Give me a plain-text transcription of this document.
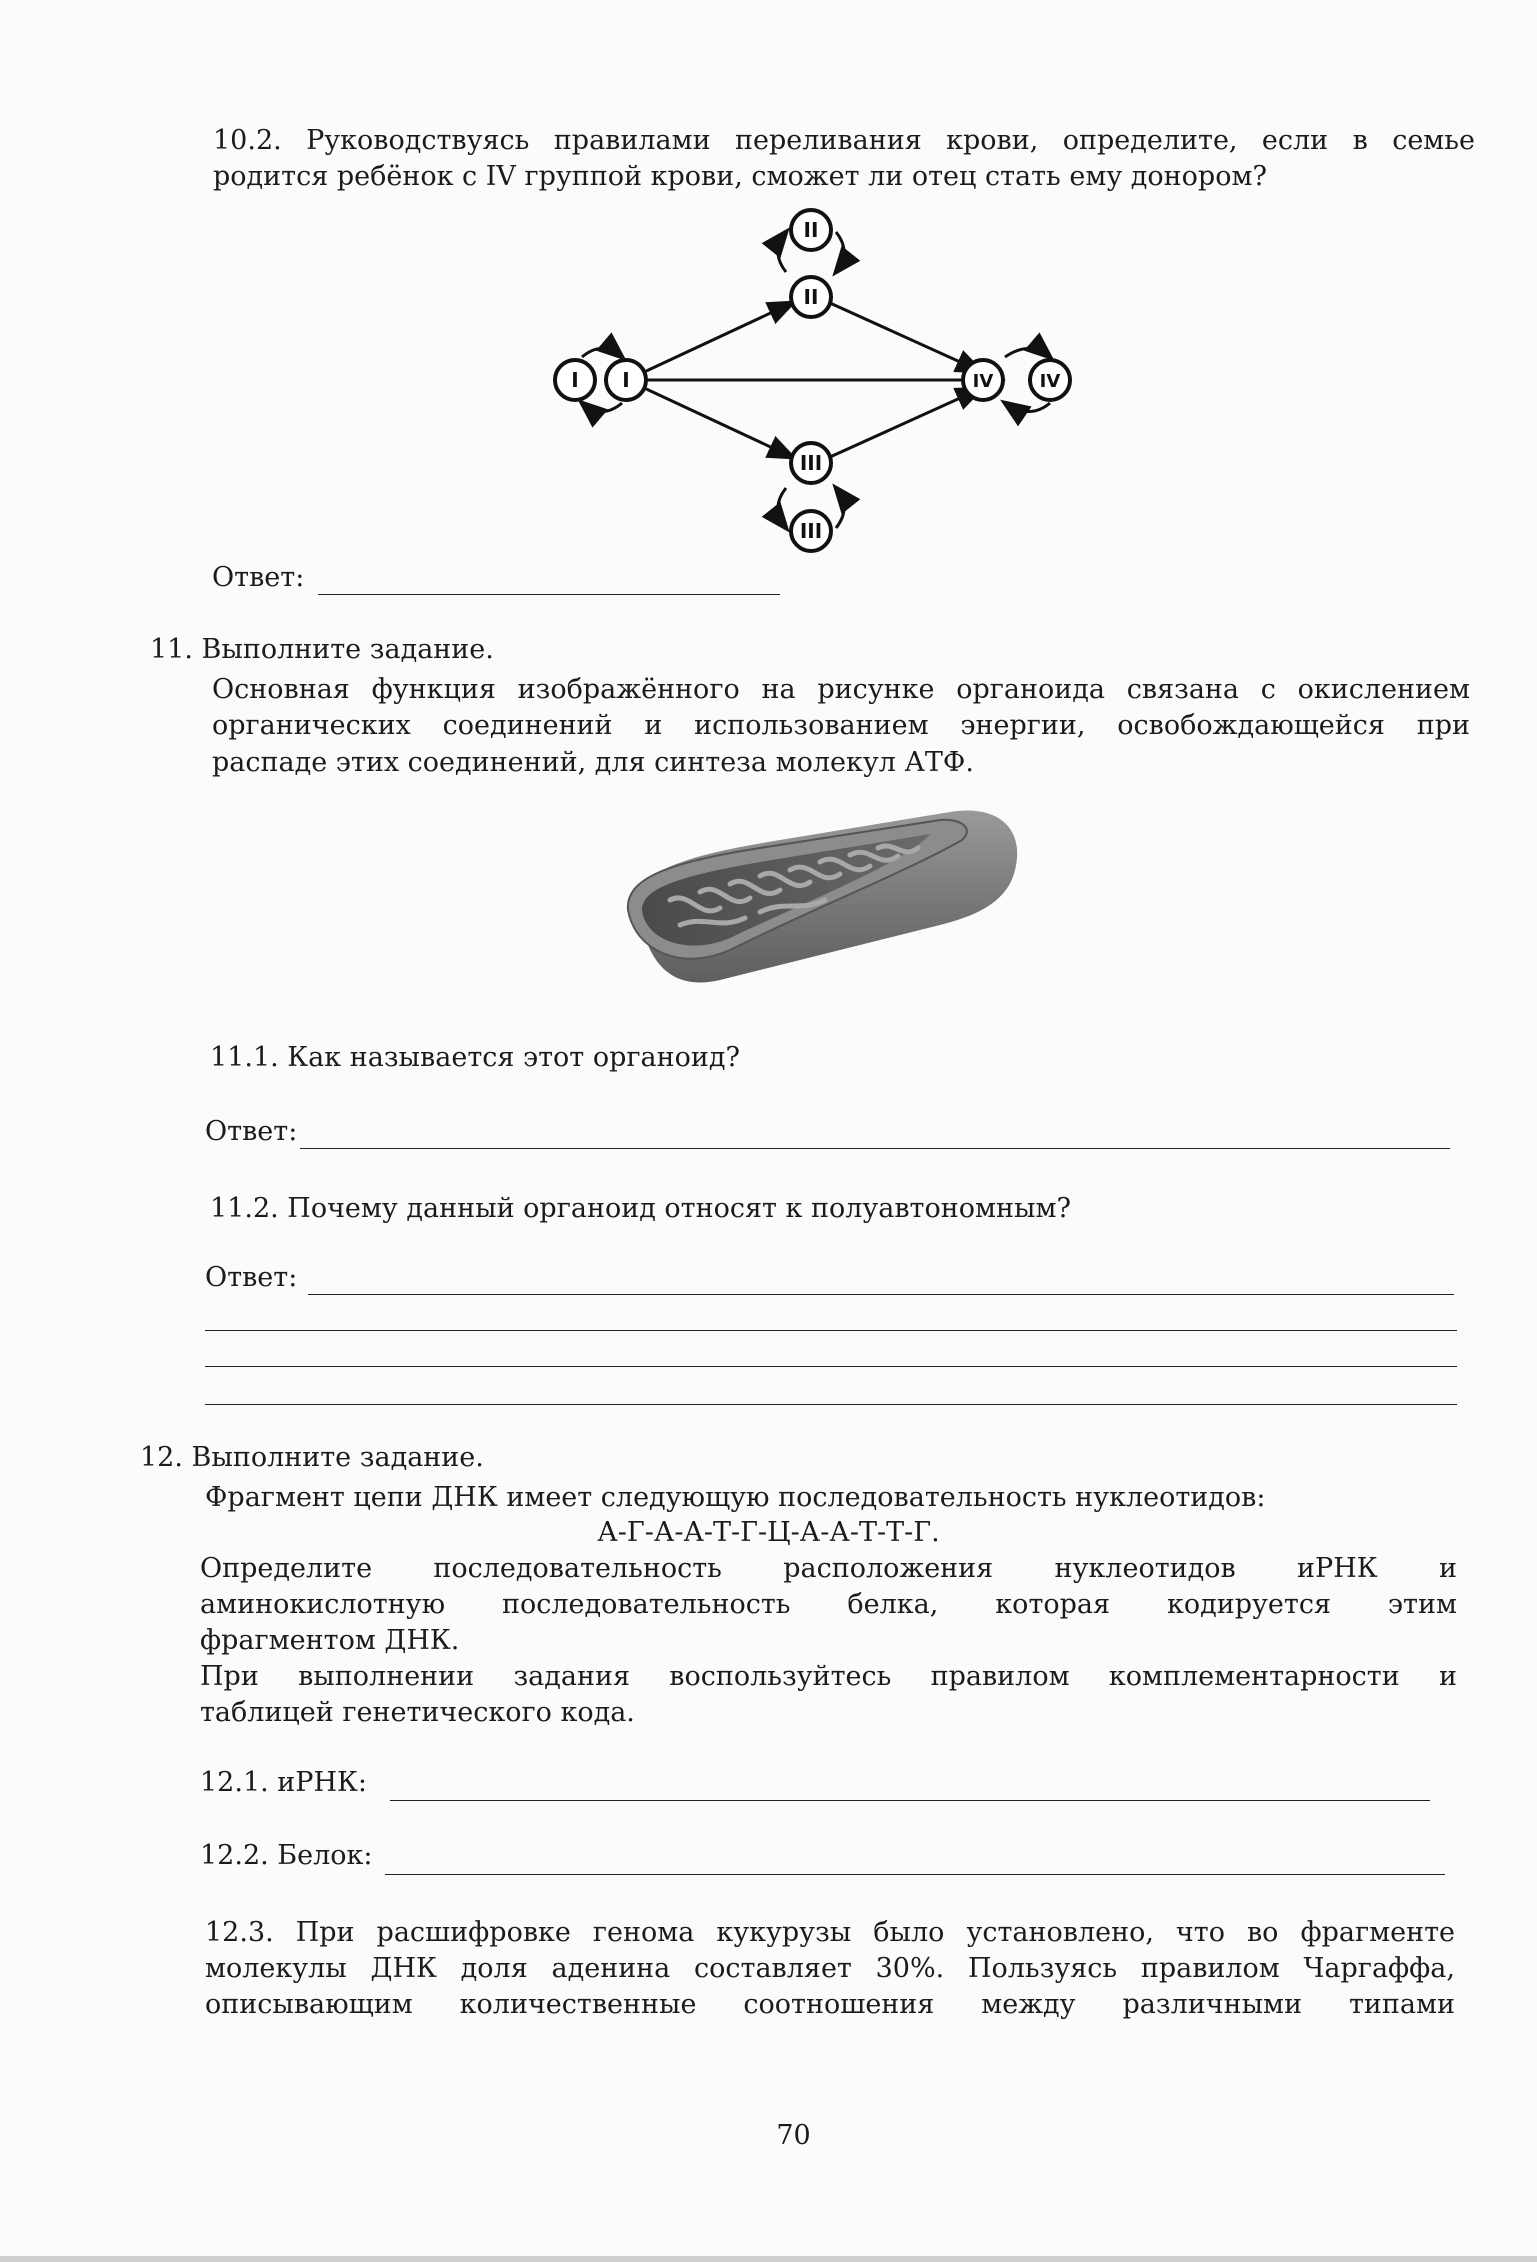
10.2. Руководствуясь правилами переливания крови, определите, если в семье
родится ребёнок с IV группой крови, сможет ли отец стать ему донором?
I I
II
II
III
III
IV	IV
Ответ:
11. Выполните задание.
Основная функция изображённого на рисунке органоида связана с окислением
органических соединений и использованием энергии, освобождающейся при
распаде этих соединений, для синтеза молекул АТФ.
11.1. Как называется этот органоид?
Ответ:
11.2. Почему данный органоид относят к полуавтономным?
Ответ:
12. Выполните задание.
Фрагмент цепи ДНК имеет следующую последовательность нуклеотидов:
А-Г-А-А-Т-Г-Ц-А-А-Т-Т-Г.
Определите последовательность расположения нуклеотидов иРНК и
аминокислотную последовательность белка, которая кодируется этим
фрагментом ДНК.
При выполнении задания воспользуйтесь правилом комплементарности и
таблицей генетического кода.
12.1. иРНК:
12.2. Белок:
12.3. При расшифровке генома кукурузы было установлено, что во фрагменте
молекулы ДНК доля аденина составляет 30%. Пользуясь правилом Чаргаффа,
описывающим количественные соотношения между различными типами
70
